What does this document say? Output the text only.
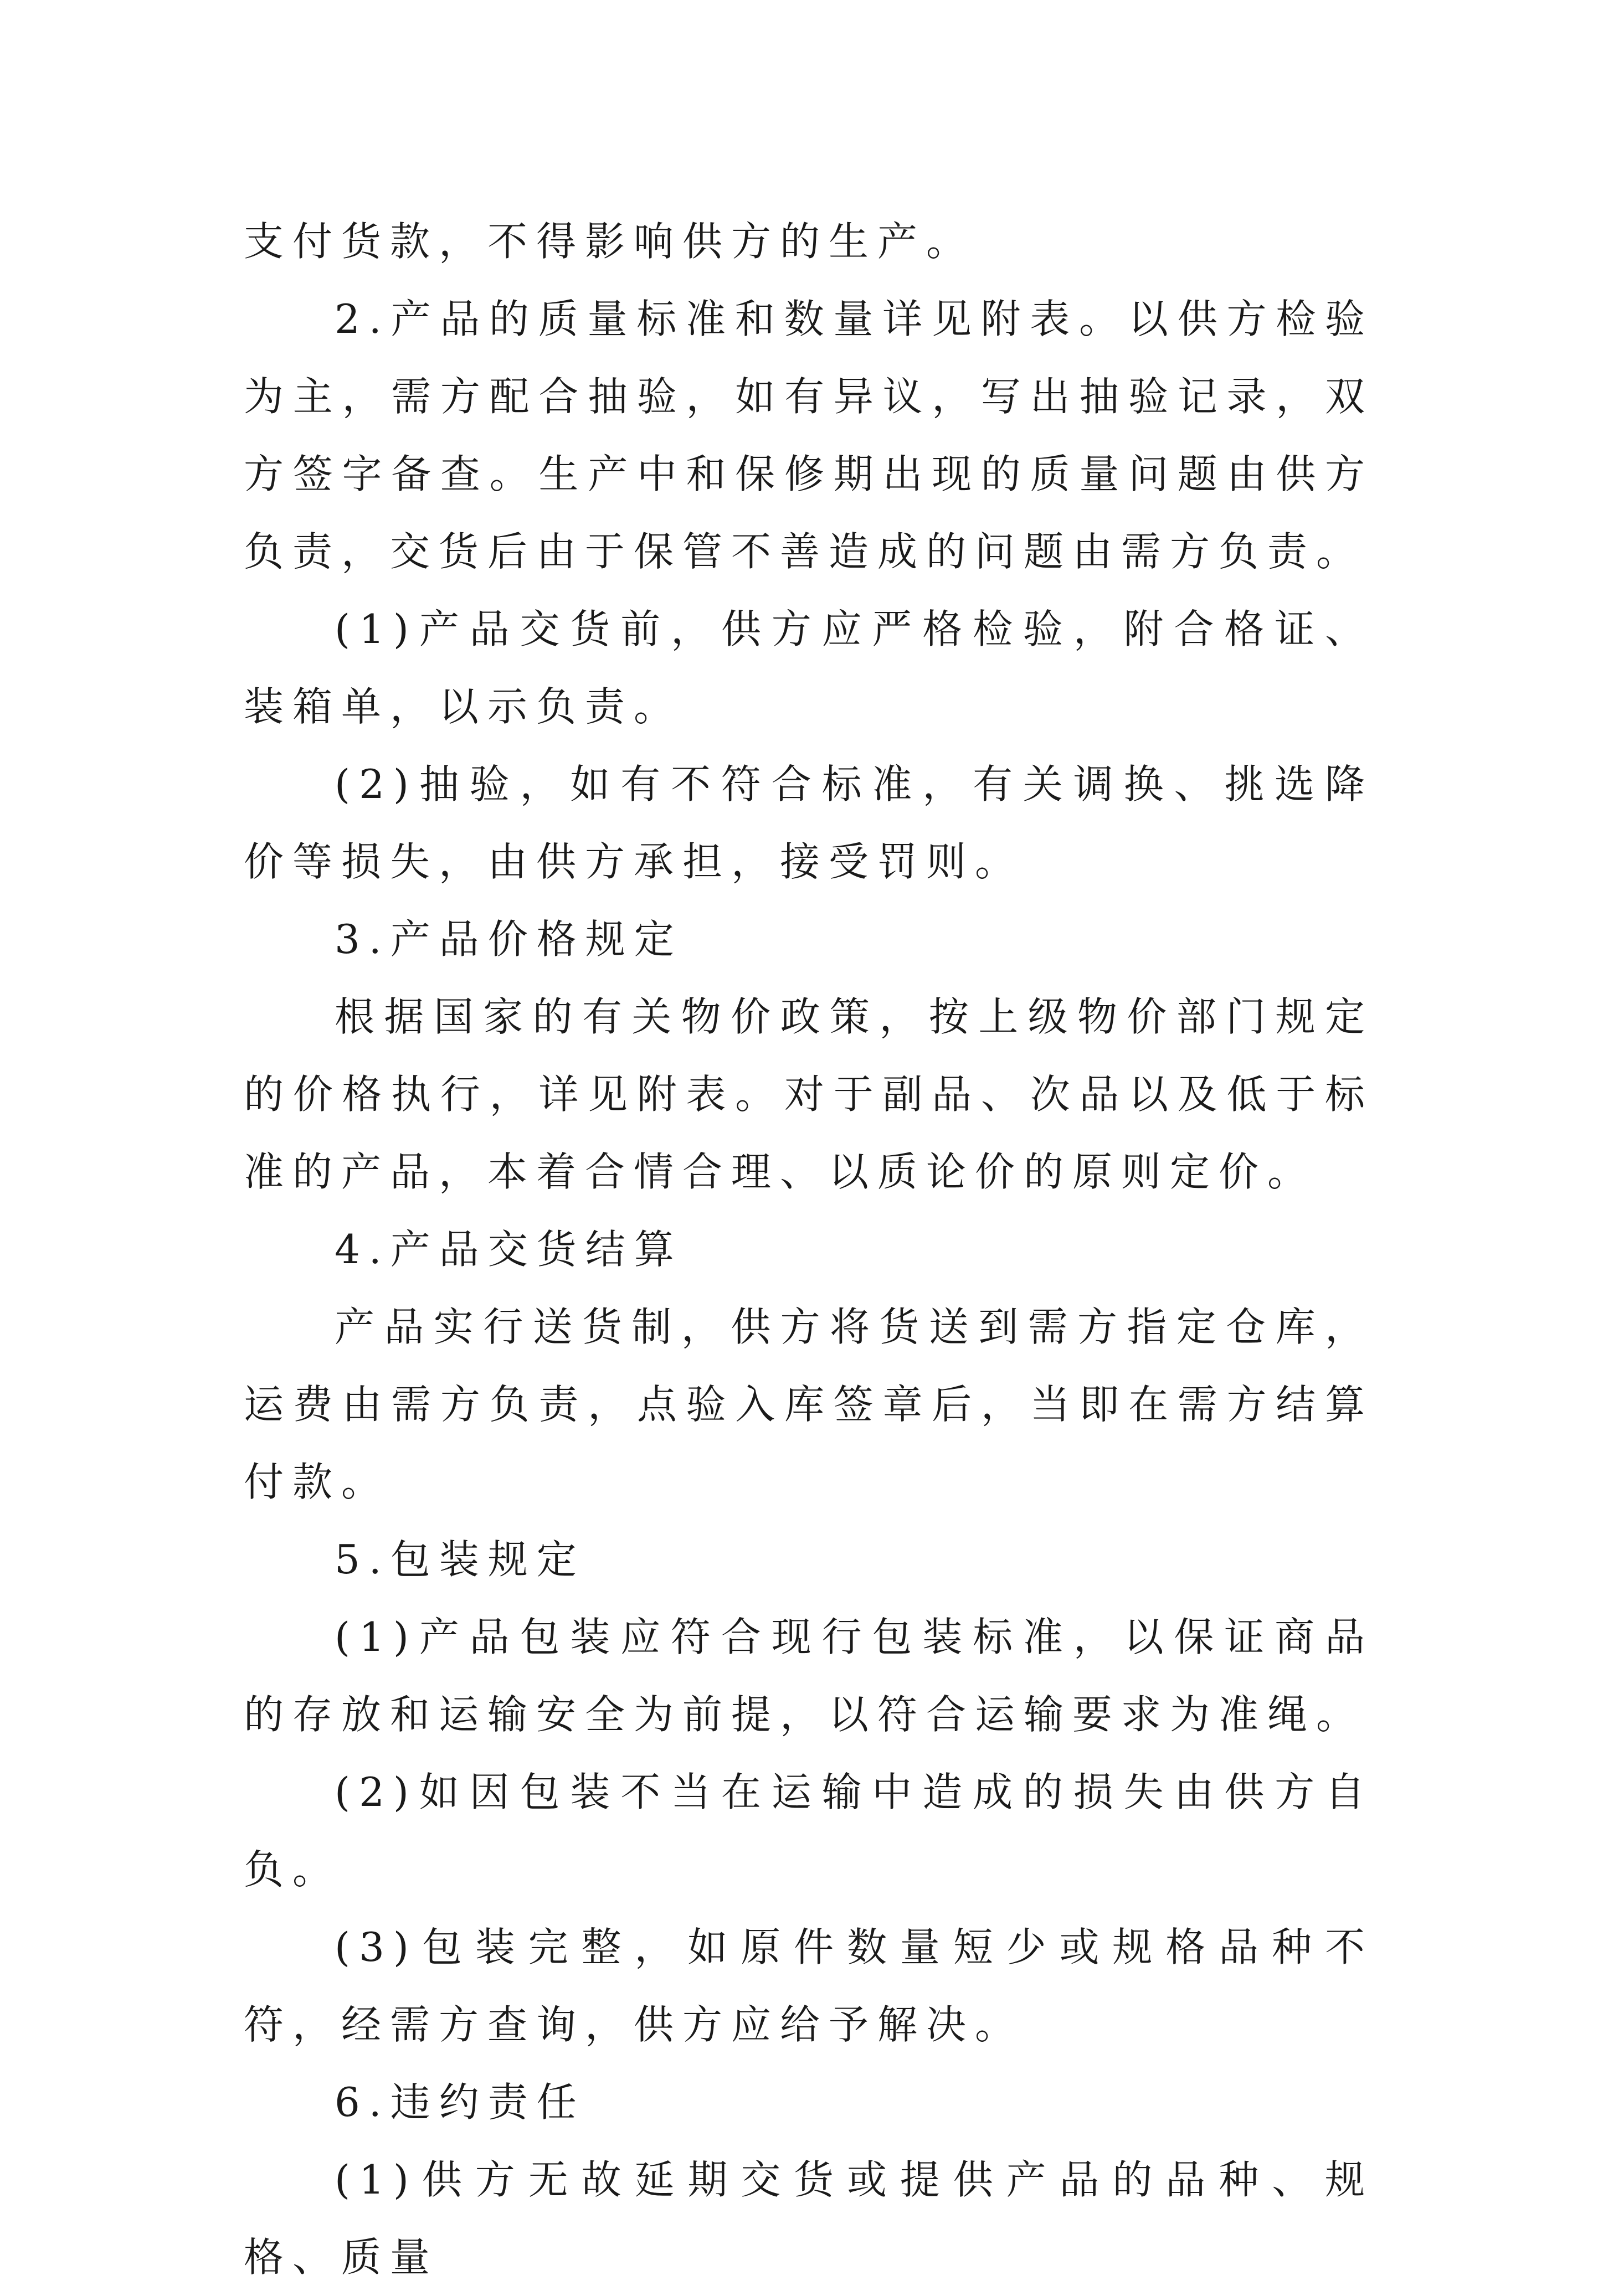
支付货款，不得影响供方的生产。

2.产品的质量标准和数量详见附表。以供方检验为主，需方配合抽验，如有异议，写出抽验记录，双方签字备查。生产中和保修期出现的质量问题由供方负责，交货后由于保管不善造成的问题由需方负责。

(1)产品交货前，供方应严格检验，附合格证、装箱单，以示负责。

(2)抽验，如有不符合标准，有关调换、挑选降价等损失，由供方承担，接受罚则。

3.产品价格规定

根据国家的有关物价政策，按上级物价部门规定的价格执行，详见附表。对于副品、次品以及低于标准的产品，本着合情合理、以质论价的原则定价。

4.产品交货结算

产品实行送货制，供方将货送到需方指定仓库，运费由需方负责，点验入库签章后，当即在需方结算付款。

5.包装规定

(1)产品包装应符合现行包装标准，以保证商品的存放和运输安全为前提，以符合运输要求为准绳。

(2)如因包装不当在运输中造成的损失由供方自负。

(3)包装完整，如原件数量短少或规格品种不符，经需方查询，供方应给予解决。

6.违约责任

(1)供方无故延期交货或提供产品的品种、规格、质量
